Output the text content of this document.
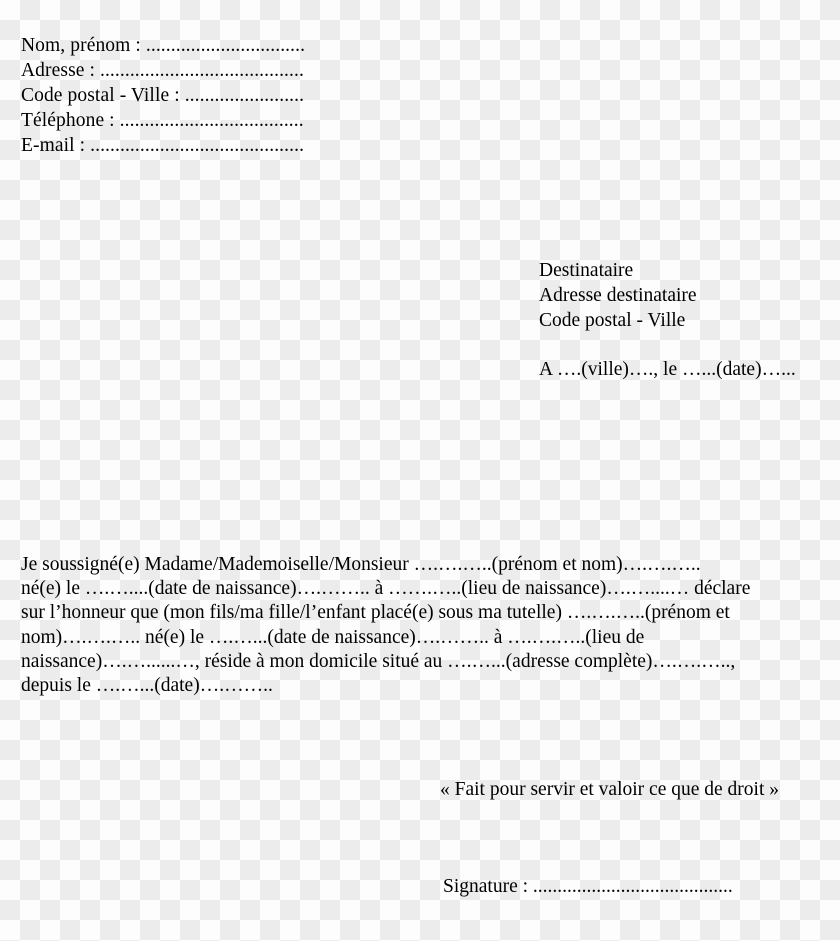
Nom, prénom : ................................
Adresse : .........................................
Code postal - Ville : ........................
Téléphone : .....................................
E-mail : ...........................................
Destinataire
Adresse destinataire
Code postal - Ville
A ….(ville)…., le …...(date)…...
Je soussigné(e) Madame/Mademoiselle/Monsieur ….….…..(prénom et nom)….….…..
né(e) le ….…....(date de naissance)….…….. à …….…..(lieu de naissance)….…....… déclare
sur l’honneur que (mon fils/ma fille/l’enfant placé(e) sous ma tutelle) ….….…..(prénom et
nom)….….….. né(e) le ….…...(date de naissance)….…….. à ….….…..(lieu de
naissance)….…......…, réside à mon domicile situé au ….…...(adresse complète)….….…..,
depuis le ….…...(date)….……..
« Fait pour servir et valoir ce que de droit »
Signature : .........................................
